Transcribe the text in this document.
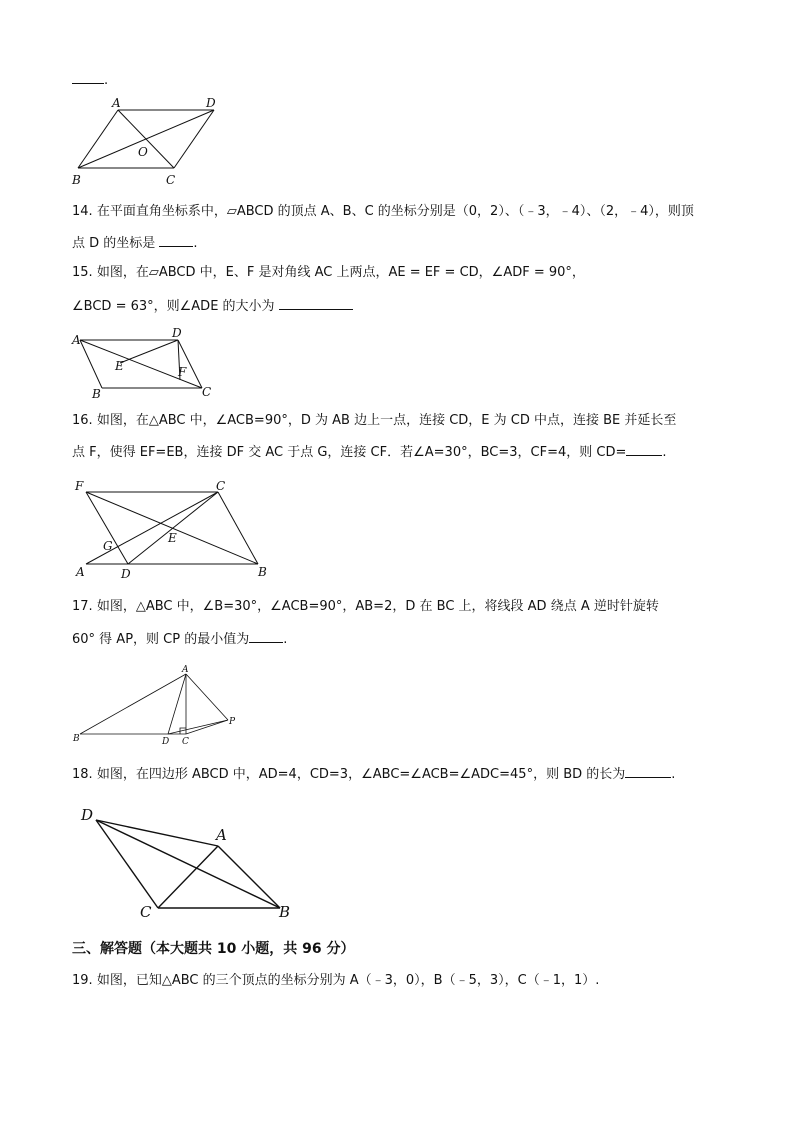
.
A	D
O
B	C
14. 在平面直角坐标系中，▱ABCD 的顶点 A、B、C 的坐标分别是（0，2）、（﹣3，﹣4）、（2，﹣4），则顶
点 D 的坐标是	.
15. 如图，在▱ABCD 中，E、F 是对角线 AC 上两点，AE = EF = CD，∠ADF = 90°，
∠BCD = 63°，则∠ADE 的大小为
D
A
E	F
B	C
16. 如图，在△ABC 中，∠ACB=90°，D 为 AB 边上一点，连接 CD，E 为 CD 中点，连接 BE 并延长至
点 F，使得 EF=EB，连接 DF 交 AC 于点 G，连接 CF．若∠A=30°，BC=3，CF=4，则 CD=	.
F	C
E
G
A	D	B
17. 如图，△ABC 中，∠B=30°，∠ACB=90°，AB=2，D 在 BC 上，将线段 AD 绕点 A 逆时针旋转
60° 得 AP，则 CP 的最小值为	.
A
P
B	D C
18. 如图，在四边形 ABCD 中，AD=4，CD=3，∠ABC=∠ACB=∠ADC=45°，则 BD 的长为	.
D
A
C	B
三、解答题（本大题共 10 小题，共 96 分）
19. 如图，已知△ABC 的三个顶点的坐标分别为 A（﹣3，0），B（﹣5，3），C（﹣1，1）.
